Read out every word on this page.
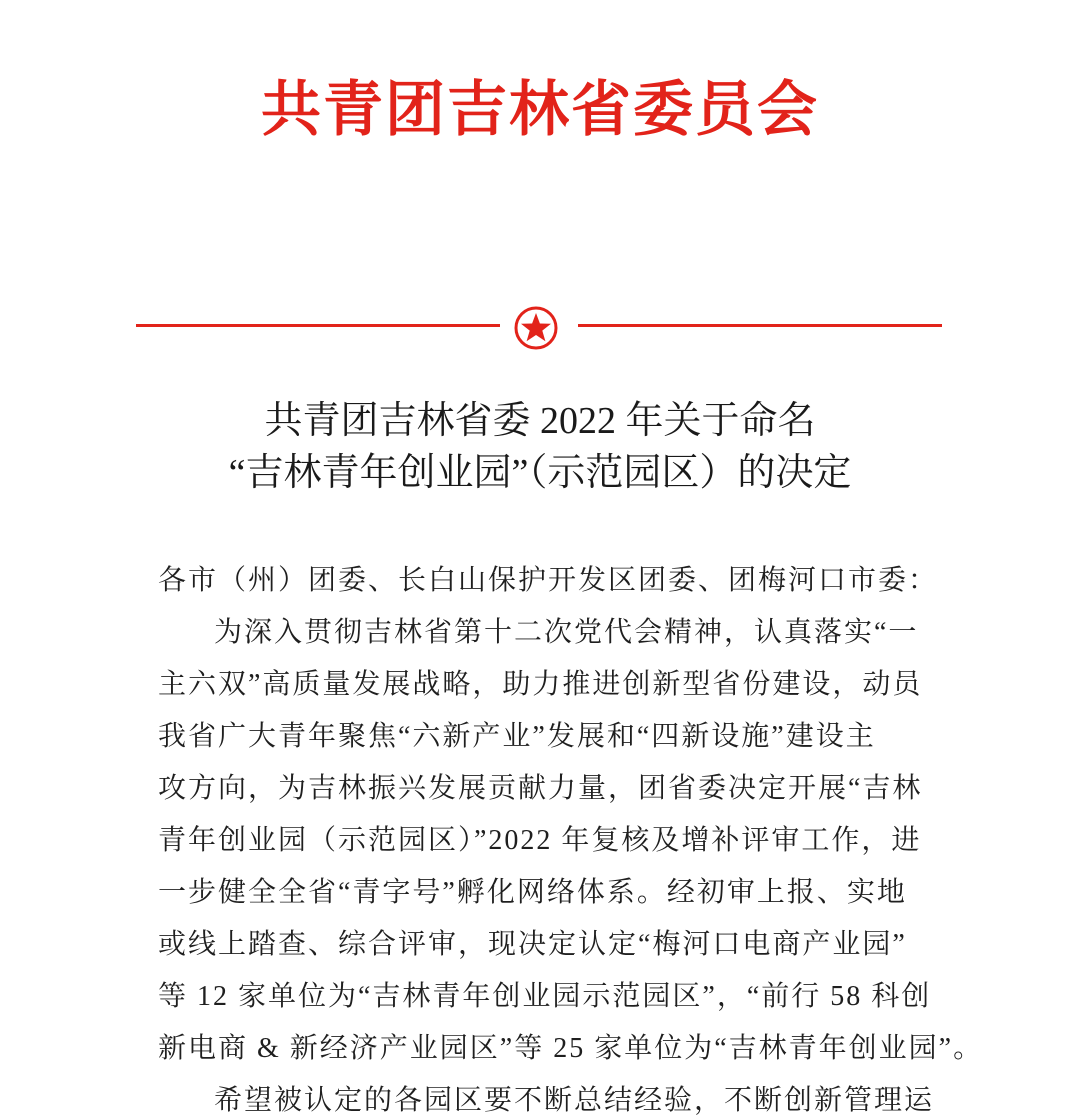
共青团吉林省委员会
共青团吉林省委 2022 年关于命名
“吉林青年创业园”（示范园区）的决定
各市（州）团委、长白山保护开发区团委、团梅河口市委：
为深入贯彻吉林省第十二次党代会精神，认真落实“一
主六双”高质量发展战略，助力推进创新型省份建设，动员
我省广大青年聚焦“六新产业”发展和“四新设施”建设主
攻方向，为吉林振兴发展贡献力量，团省委决定开展“吉林
青年创业园（示范园区）”2022 年复核及增补评审工作，进
一步健全全省“青字号”孵化网络体系。经初审上报、实地
或线上踏查、综合评审，现决定认定“梅河口电商产业园”
等 12 家单位为“吉林青年创业园示范园区”，“前行 58 科创
新电商 & 新经济产业园区”等 25 家单位为“吉林青年创业园”。
希望被认定的各园区要不断总结经验，不断创新管理运
